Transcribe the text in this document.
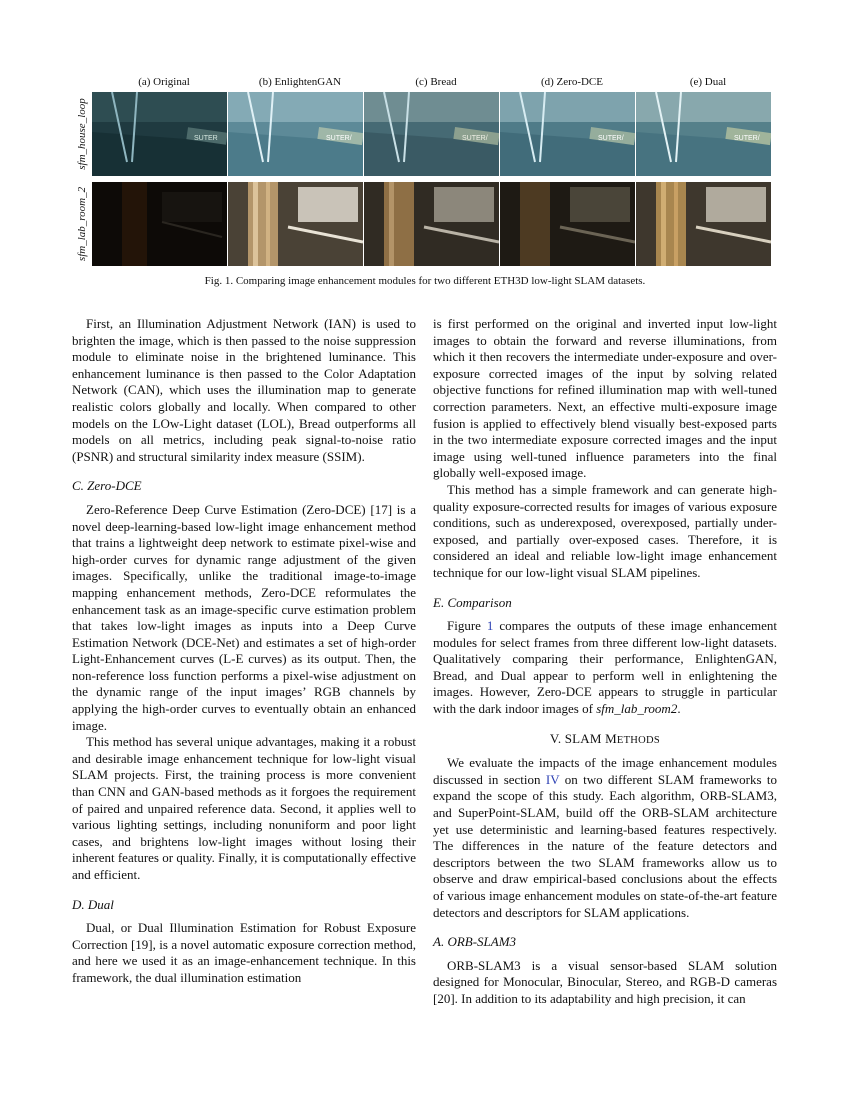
(a) Original	(b) EnlightenGAN	(c) Bread	(d) Zero-DCE	(e) Dual
sfm_house_loop
sfm_lab_room_2
SUTER	SUTER/	SUTER/	SUTER/	SUTER/
Fig. 1. Comparing image enhancement modules for two different ETH3D low-light SLAM datasets.

First, an Illumination Adjustment Network (IAN) is used to brighten the image, which is then passed to the noise suppression module to eliminate noise in the brightened luminance. This enhancement luminance is then passed to the Color Adaptation Network (CAN), which uses the illumination map to generate realistic colors globally and locally. When compared to other models on the LOw-Light dataset (LOL), Bread outperforms all models on all metrics, including peak signal-to-noise ratio (PSNR) and structural similarity index measure (SSIM).

C. Zero-DCE

Zero-Reference Deep Curve Estimation (Zero-DCE) [17] is a novel deep-learning-based low-light image enhancement method that trains a lightweight deep network to estimate pixel-wise and high-order curves for dynamic range adjustment of the given images. Specifically, unlike the traditional image-to-image mapping enhancement methods, Zero-DCE reformulates the enhancement task as an image-specific curve estimation problem that takes low-light images as inputs into a Deep Curve Estimation Network (DCE-Net) and estimates a set of high-order Light-Enhancement curves (L-E curves) as its output. Then, the non-reference loss function performs a pixel-wise adjustment on the dynamic range of the input images’ RGB channels by applying the high-order curves to eventually obtain an enhanced image.

This method has several unique advantages, making it a robust and desirable image enhancement technique for low-light visual SLAM projects. First, the training process is more convenient than CNN and GAN-based methods as it forgoes the requirement of paired and unpaired reference data. Second, it applies well to various lighting settings, including nonuniform and poor light cases, and brightens low-light images without losing their inherent features or quality. Finally, it is computationally effective and efficient.

D. Dual

Dual, or Dual Illumination Estimation for Robust Exposure Correction [19], is a novel automatic exposure correction method, and here we used it as an image-enhancement technique. In this framework, the dual illumination estimation

is first performed on the original and inverted input low-light images to obtain the forward and reverse illuminations, from which it then recovers the intermediate under-exposure and over-exposure corrected images of the input by solving related objective functions for refined illumination map with well-tuned correction parameters. Next, an effective multi-exposure image fusion is applied to effectively blend visually best-exposed parts in the two intermediate exposure corrected images and the input image using well-tuned influence parameters into the final globally well-exposed image.

This method has a simple framework and can generate high-quality exposure-corrected results for images of various exposure conditions, such as underexposed, overexposed, partially under-exposed, and partially over-exposed cases. Therefore, it is considered an ideal and reliable low-light image enhancement technique for our low-light visual SLAM pipelines.

E. Comparison

Figure 1 compares the outputs of these image enhancement modules for select frames from three different low-light datasets. Qualitatively comparing their performance, EnlightenGAN, Bread, and Dual appear to perform well in enlightening the images. However, Zero-DCE appears to struggle in particular with the dark indoor images of sfm_lab_room2.

V. SLAM METHODS

We evaluate the impacts of the image enhancement modules discussed in section IV on two different SLAM frameworks to expand the scope of this study. Each algorithm, ORB-SLAM3, and SuperPoint-SLAM, build off the ORB-SLAM architecture yet use deterministic and learning-based features respectively. The differences in the nature of the feature detectors and descriptors between the two SLAM frameworks allow us to observe and draw empirical-based conclusions about the effects of various image enhancement modules on state-of-the-art feature detectors and descriptors for SLAM applications.

A. ORB-SLAM3

ORB-SLAM3 is a visual sensor-based SLAM solution designed for Monocular, Binocular, Stereo, and RGB-D cameras [20]. In addition to its adaptability and high precision, it can
